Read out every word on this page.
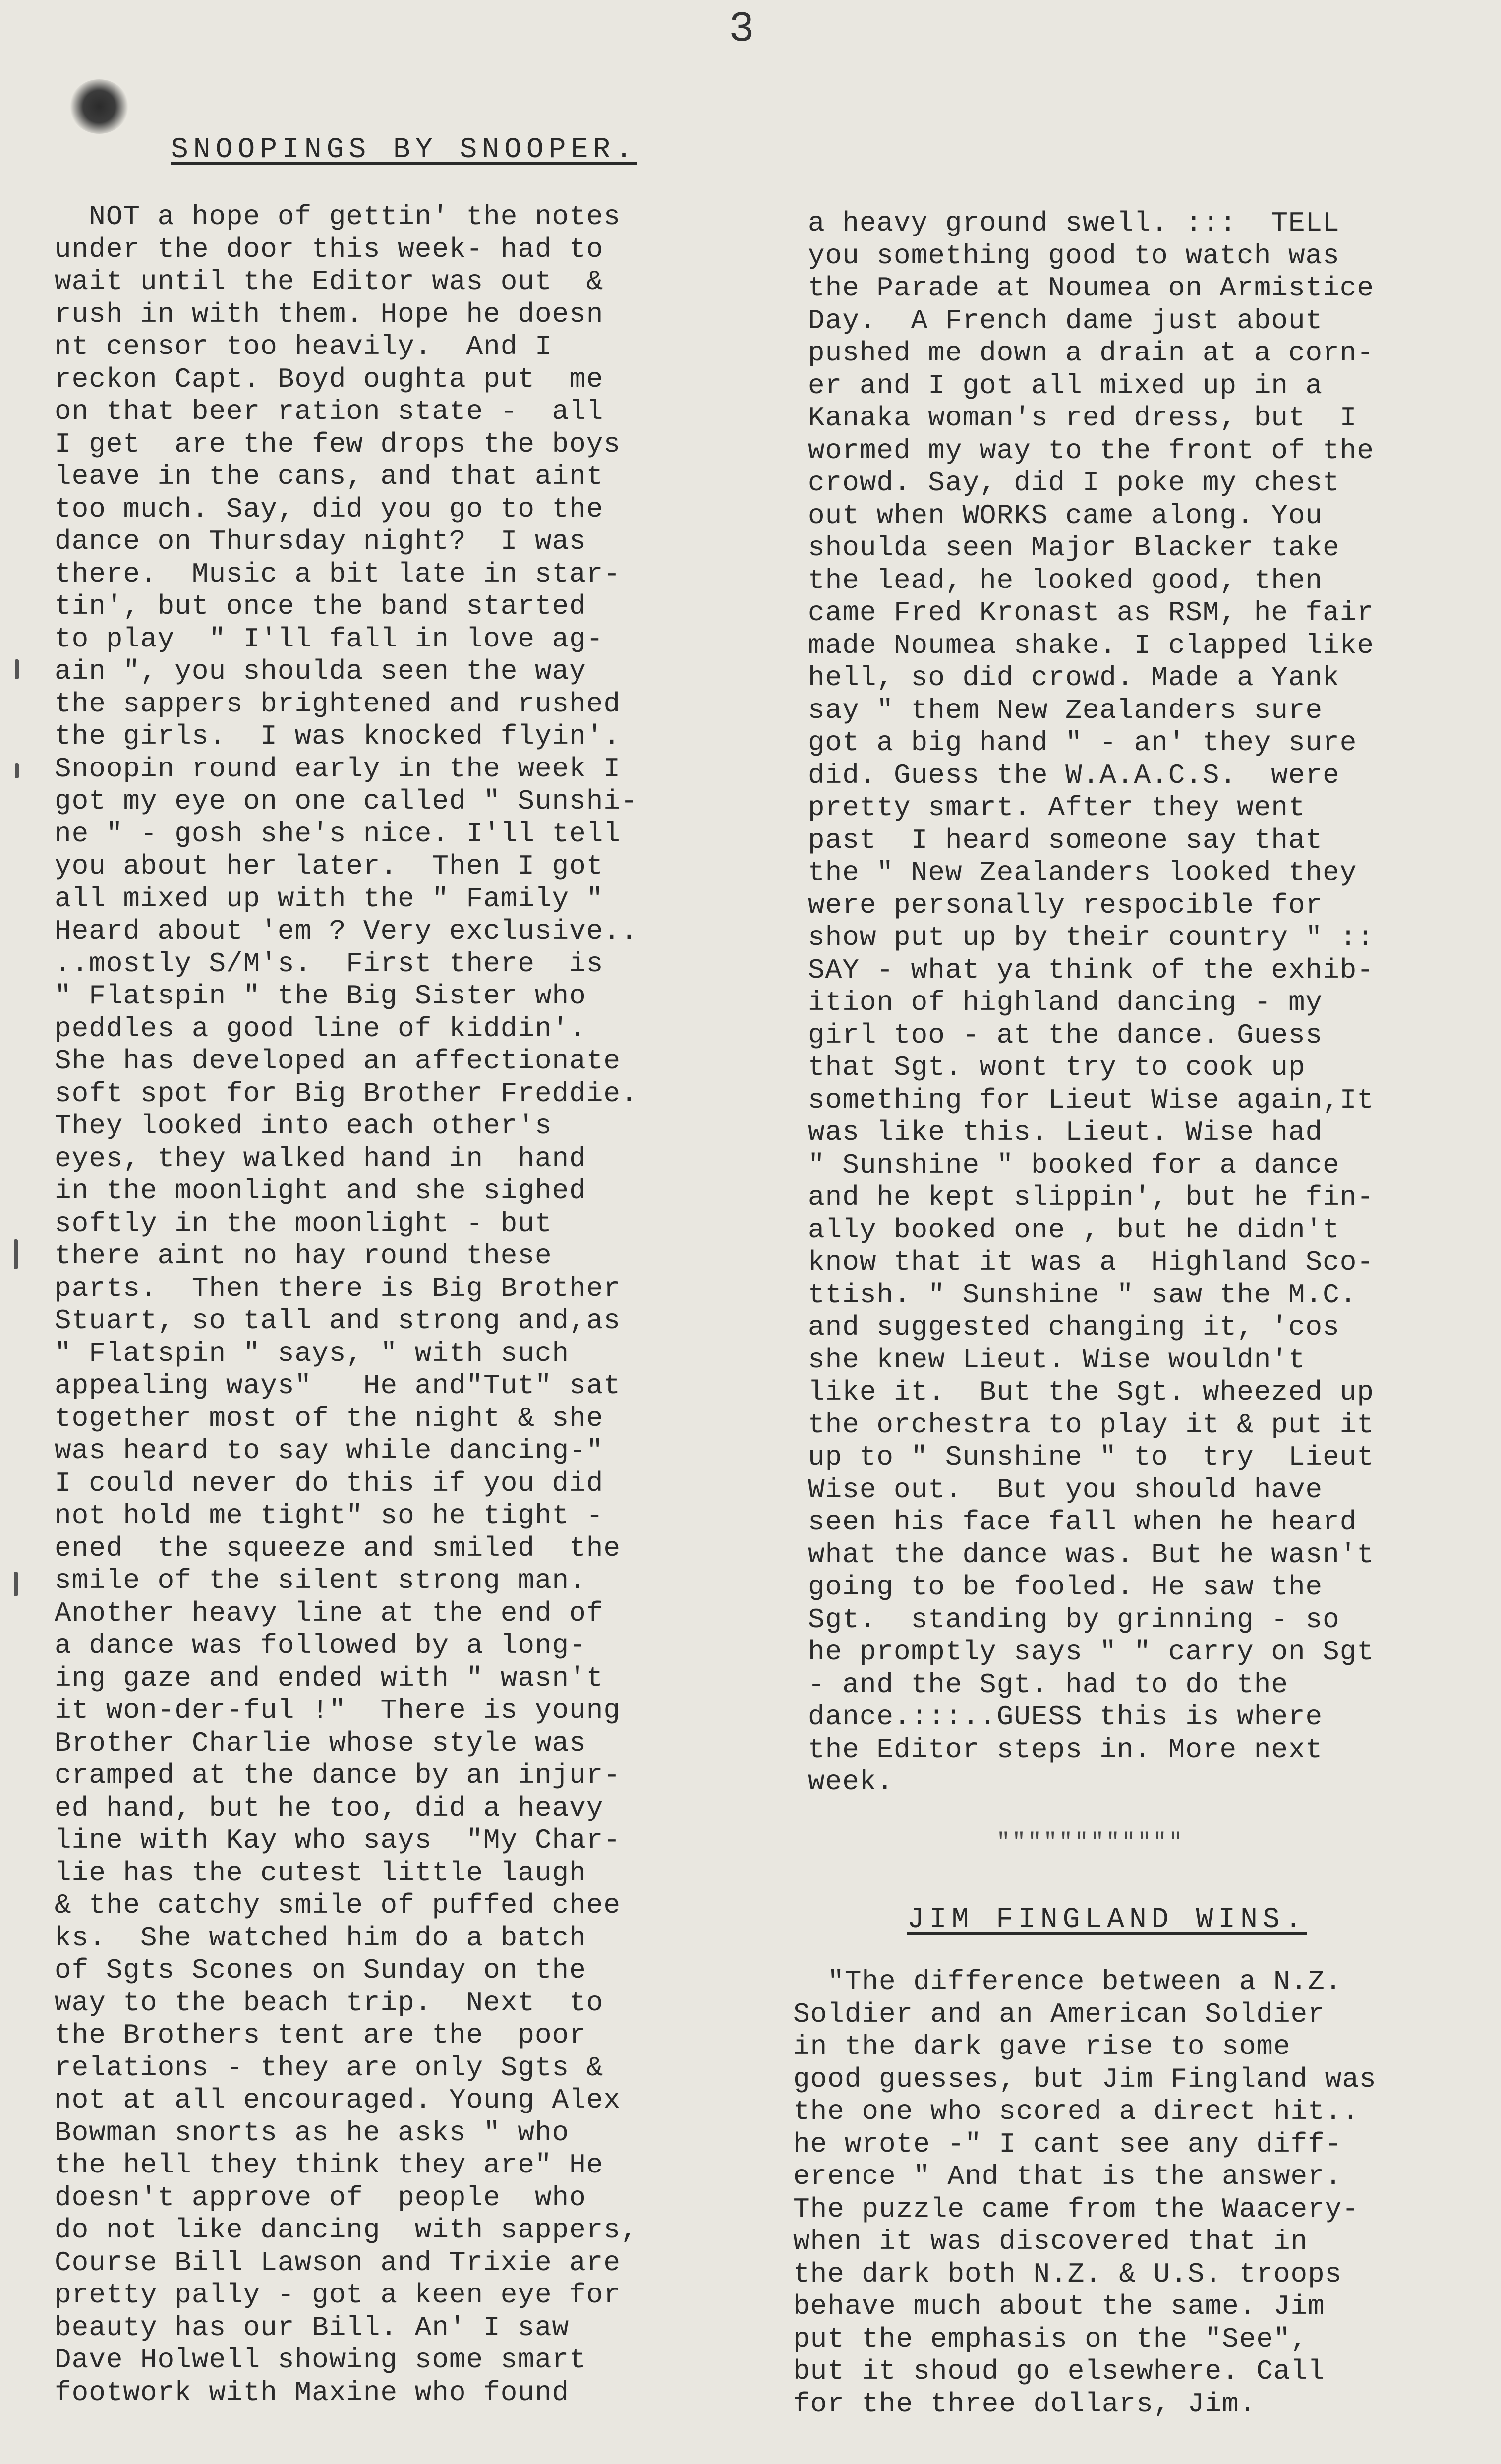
3
SNOOPINGS BY SNOOPER.
NOT a hope of gettin' the notes
under the door this week- had to
wait until the Editor was out  &
rush in with them. Hope he doesn
nt censor too heavily.  And I
reckon Capt. Boyd oughta put  me
on that beer ration state -  all
I get  are the few drops the boys
leave in the cans, and that aint
too much. Say, did you go to the
dance on Thursday night?  I was
there.  Music a bit late in star-
tin', but once the band started
to play  " I'll fall in love ag-
ain ", you shoulda seen the way
the sappers brightened and rushed
the girls.  I was knocked flyin'.
Snoopin round early in the week I
got my eye on one called " Sunshi-
ne " - gosh she's nice. I'll tell
you about her later.  Then I got
all mixed up with the " Family "
Heard about 'em ? Very exclusive..
..mostly S/M's.  First there  is
" Flatspin " the Big Sister who
peddles a good line of kiddin'.
She has developed an affectionate
soft spot for Big Brother Freddie.
They looked into each other's
eyes, they walked hand in  hand
in the moonlight and she sighed
softly in the moonlight - but
there aint no hay round these
parts.  Then there is Big Brother
Stuart, so tall and strong and,as
" Flatspin " says, " with such
appealing ways"   He and"Tut" sat
together most of the night & she
was heard to say while dancing-"
I could never do this if you did
not hold me tight" so he tight -
ened  the squeeze and smiled  the
smile of the silent strong man.
Another heavy line at the end of
a dance was followed by a long-
ing gaze and ended with " wasn't
it won-der-ful !"  There is young
Brother Charlie whose style was
cramped at the dance by an injur-
ed hand, but he too, did a heavy
line with Kay who says  "My Char-
lie has the cutest little laugh
& the catchy smile of puffed chee
ks.  She watched him do a batch
of Sgts Scones on Sunday on the
way to the beach trip.  Next  to
the Brothers tent are the  poor
relations - they are only Sgts &
not at all encouraged. Young Alex
Bowman snorts as he asks " who
the hell they think they are" He
doesn't approve of  people  who
do not like dancing  with sappers,
Course Bill Lawson and Trixie are
pretty pally - got a keen eye for
beauty has our Bill. An' I saw
Dave Holwell showing some smart
footwork with Maxine who found
a heavy ground swell. :::  TELL
you something good to watch was
the Parade at Noumea on Armistice
Day.  A French dame just about
pushed me down a drain at a corn-
er and I got all mixed up in a
Kanaka woman's red dress, but  I
wormed my way to the front of the
crowd. Say, did I poke my chest
out when WORKS came along. You
shoulda seen Major Blacker take
the lead, he looked good, then
came Fred Kronast as RSM, he fair
made Noumea shake. I clapped like
hell, so did crowd. Made a Yank
say " them New Zealanders sure
got a big hand " - an' they sure
did. Guess the W.A.A.C.S.  were
pretty smart. After they went
past  I heard someone say that
the " New Zealanders looked they
were personally respocible for
show put up by their country " ::
SAY - what ya think of the exhib-
ition of highland dancing - my
girl too - at the dance. Guess
that Sgt. wont try to cook up
something for Lieut Wise again,It
was like this. Lieut. Wise had
" Sunshine " booked for a dance
and he kept slippin', but he fin-
ally booked one , but he didn't
know that it was a  Highland Sco-
ttish. " Sunshine " saw the M.C.
and suggested changing it, 'cos
she knew Lieut. Wise wouldn't
like it.  But the Sgt. wheezed up
the orchestra to play it & put it
up to " Sunshine " to  try  Lieut
Wise out.  But you should have
seen his face fall when he heard
what the dance was. But he wasn't
going to be fooled. He saw the
Sgt.  standing by grinning - so
he promptly says " " carry on Sgt
- and the Sgt. had to do the
dance.:::..GUESS this is where
the Editor steps in. More next
week.
""""""""""""
JIM FINGLAND WINS.
"The difference between a N.Z.
Soldier and an American Soldier
in the dark gave rise to some
good guesses, but Jim Fingland was
the one who scored a direct hit..
he wrote -" I cant see any diff-
erence " And that is the answer.
The puzzle came from the Waacery-
when it was discovered that in
the dark both N.Z. & U.S. troops
behave much about the same. Jim
put the emphasis on the "See",
but it shoud go elsewhere. Call
for the three dollars, Jim.
